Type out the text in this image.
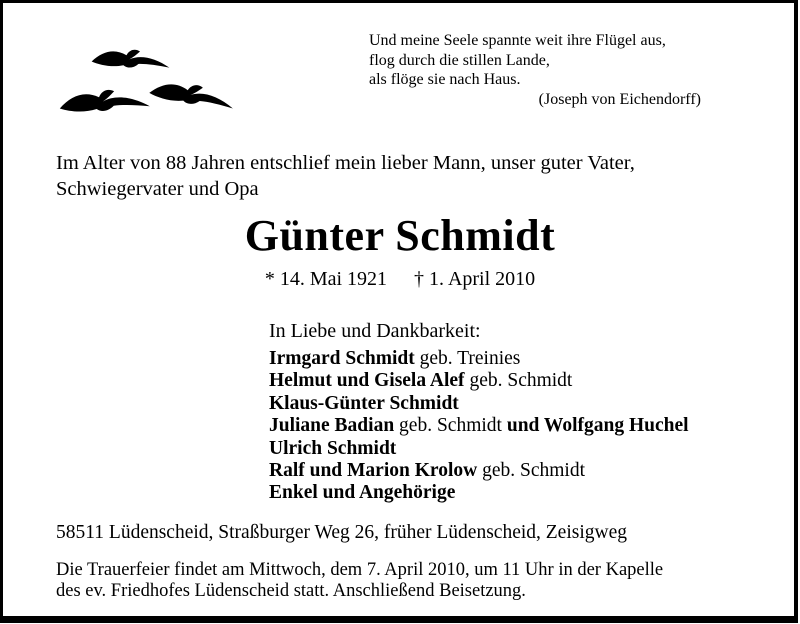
Und meine Seele spannte weit ihre Flügel aus,
flog durch die stillen Lande,
als flöge sie nach Haus.
(Joseph von Eichendorff)
Im Alter von 88 Jahren entschlief mein lieber Mann, unser guter Vater,
Schwiegervater und Opa
Günter Schmidt
* 14. Mai 1921 † 1. April 2010
In Liebe und Dankbarkeit:
Irmgard Schmidt geb. Treinies
Helmut und Gisela Alef geb. Schmidt
Klaus-Günter Schmidt
Juliane Badian geb. Schmidt und Wolfgang Huchel
Ulrich Schmidt
Ralf und Marion Krolow geb. Schmidt
Enkel und Angehörige
58511 Lüdenscheid, Straßburger Weg 26, früher Lüdenscheid, Zeisigweg
Die Trauerfeier findet am Mittwoch, dem 7. April 2010, um 11 Uhr in der Kapelle
des ev. Friedhofes Lüdenscheid statt. Anschließend Beisetzung.
